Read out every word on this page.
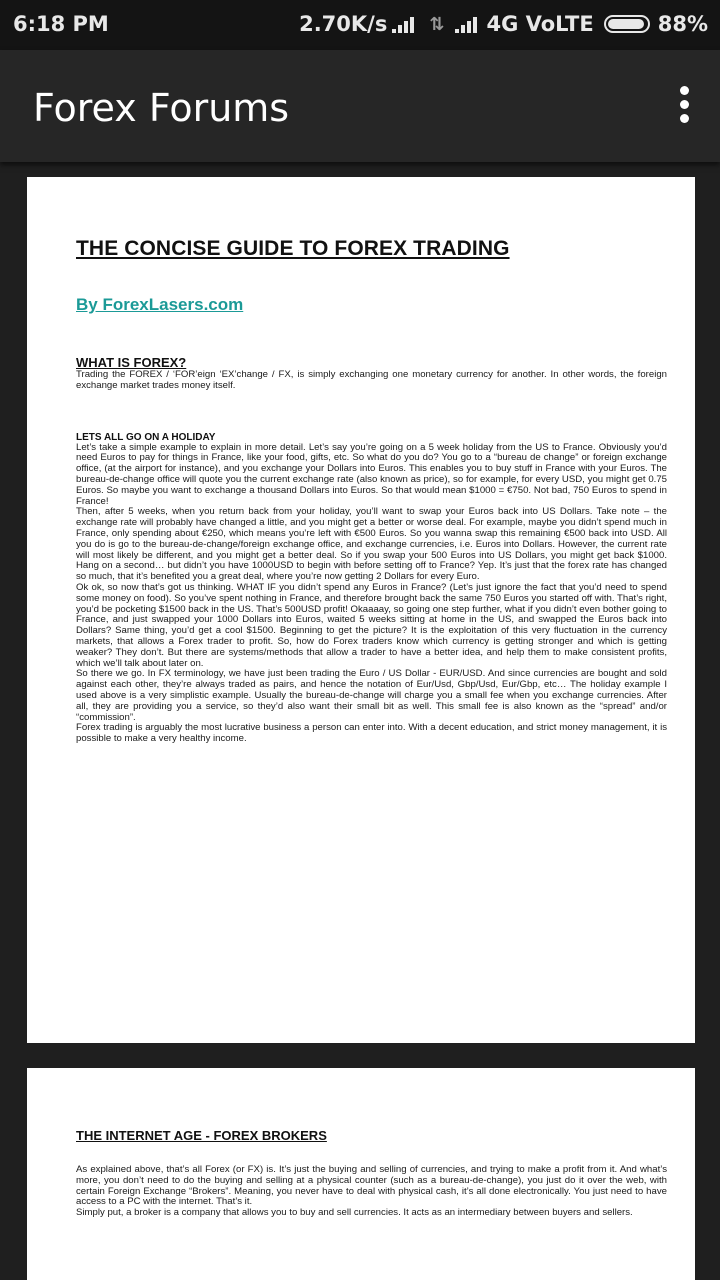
6:18 PM	2.70K/s ⇅ 4G VoLTE	88%
Forex Forums
THE CONCISE GUIDE TO FOREX TRADING
By ForexLasers.com
WHAT IS FOREX?

Trading the FOREX / ‘FOR’eign ‘EX’change / FX, is simply exchanging one monetary currency for another. In other words, the foreign exchange market trades money itself.

LETS ALL GO ON A HOLIDAY

Let’s take a simple example to explain in more detail. Let’s say you’re going on a 5 week holiday from the US to France. Obviously you’d need Euros to pay for things in France, like your food, gifts, etc. So what do you do? You go to a “bureau de change” or foreign exchange office, (at the airport for instance), and you exchange your Dollars into Euros. This enables you to buy stuff in France with your Euros. The bureau-de-change office will quote you the current exchange rate (also known as price), so for example, for every USD, you might get 0.75 Euros. So maybe you want to exchange a thousand Dollars into Euros. So that would mean $1000 = €750. Not bad, 750 Euros to spend in France!

Then, after 5 weeks, when you return back from your holiday, you’ll want to swap your Euros back into US Dollars. Take note – the exchange rate will probably have changed a little, and you might get a better or worse deal. For example, maybe you didn’t spend much in France, only spending about €250, which means you’re left with €500 Euros. So you wanna swap this remaining €500 back into USD. All you do is go to the bureau-de-change/foreign exchange office, and exchange currencies, i.e. Euros into Dollars. However, the current rate will most likely be different, and you might get a better deal. So if you swap your 500 Euros into US Dollars, you might get back $1000. Hang on a second… but didn’t you have 1000USD to begin with before setting off to France? Yep. It’s just that the forex rate has changed so much, that it’s benefited you a great deal, where you’re now getting 2 Dollars for every Euro.

Ok ok, so now that’s got us thinking. WHAT IF you didn’t spend any Euros in France? (Let’s just ignore the fact that you’d need to spend some money on food). So you’ve spent nothing in France, and therefore brought back the same 750 Euros you started off with. That’s right, you’d be pocketing $1500 back in the US. That’s 500USD profit! Okaaaay, so going one step further, what if you didn’t even bother going to France, and just swapped your 1000 Dollars into Euros, waited 5 weeks sitting at home in the US, and swapped the Euros back into Dollars? Same thing, you’d get a cool $1500. Beginning to get the picture? It is the exploitation of this very fluctuation in the currency markets, that allows a Forex trader to profit. So, how do Forex traders know which currency is getting stronger and which is getting weaker? They don’t. But there are systems/methods that allow a trader to have a better idea, and help them to make consistent profits, which we’ll talk about later on.

So there we go. In FX terminology, we have just been trading the Euro / US Dollar - EUR/USD. And since currencies are bought and sold against each other, they’re always traded as pairs, and hence the notation of Eur/Usd, Gbp/Usd, Eur/Gbp, etc… The holiday example I used above is a very simplistic example. Usually the bureau-de-change will charge you a small fee when you exchange currencies. After all, they are providing you a service, so they’d also want their small bit as well. This small fee is also known as the “spread” and/or “commission”.

Forex trading is arguably the most lucrative business a person can enter into. With a decent education, and strict money management, it is possible to make a very healthy income.

THE INTERNET AGE - FOREX BROKERS

As explained above, that’s all Forex (or FX) is. It’s just the buying and selling of currencies, and trying to make a profit from it. And what’s more, you don’t need to do the buying and selling at a physical counter (such as a bureau-de-change), you just do it over the web, with certain Foreign Exchange “Brokers”. Meaning, you never have to deal with physical cash, it’s all done electronically. You just need to have access to a PC with the internet. That’s it.

Simply put, a broker is a company that allows you to buy and sell currencies. It acts as an intermediary between buyers and sellers.
